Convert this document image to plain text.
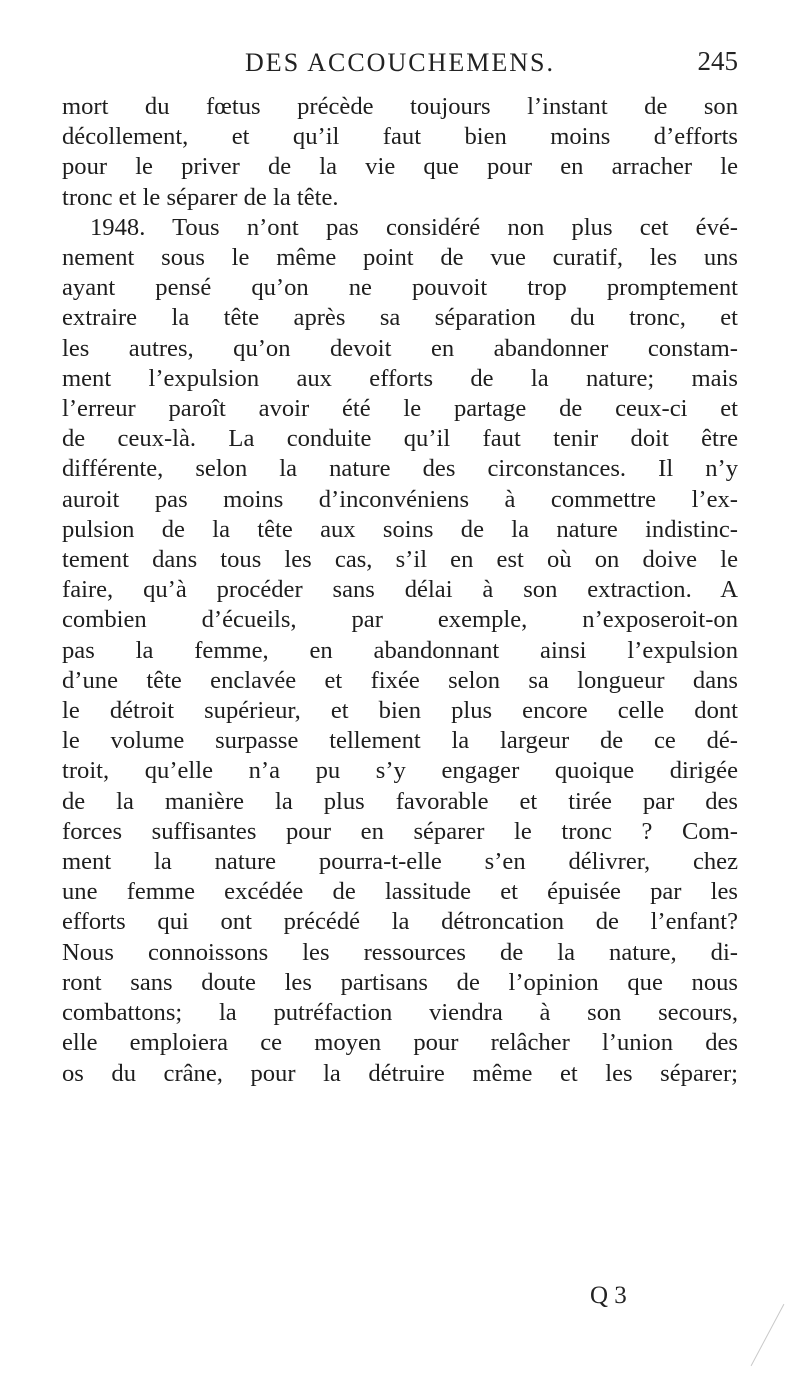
DES ACCOUCHEMENS.	245
mort du fœtus précède toujours l’instant de son
décollement, et qu’il faut bien moins d’efforts
pour le priver de la vie que pour en arracher le
tronc et le séparer de la tête.
1948. Tous n’ont pas considéré non plus cet évé-
nement sous le même point de vue curatif, les uns
ayant pensé qu’on ne pouvoit trop promptement
extraire la tête après sa séparation du tronc, et
les autres, qu’on devoit en abandonner constam-
ment l’expulsion aux efforts de la nature; mais
l’erreur paroît avoir été le partage de ceux-ci et
de ceux-là. La conduite qu’il faut tenir doit être
différente, selon la nature des circonstances. Il n’y
auroit pas moins d’inconvéniens à commettre l’ex-
pulsion de la tête aux soins de la nature indistinc-
tement dans tous les cas, s’il en est où on doive le
faire, qu’à procéder sans délai à son extraction. A
combien d’écueils, par exemple, n’exposeroit-on
pas la femme, en abandonnant ainsi l’expulsion
d’une tête enclavée et fixée selon sa longueur dans
le détroit supérieur, et bien plus encore celle dont
le volume surpasse tellement la largeur de ce dé-
troit, qu’elle n’a pu s’y engager quoique dirigée
de la manière la plus favorable et tirée par des
forces suffisantes pour en séparer le tronc ? Com-
ment la nature pourra-t-elle s’en délivrer, chez
une femme excédée de lassitude et épuisée par les
efforts qui ont précédé la détroncation de l’enfant?
Nous connoissons les ressources de la nature, di-
ront sans doute les partisans de l’opinion que nous
combattons; la putréfaction viendra à son secours,
elle emploiera ce moyen pour relâcher l’union des
os du crâne, pour la détruire même et les séparer;
Q 3
